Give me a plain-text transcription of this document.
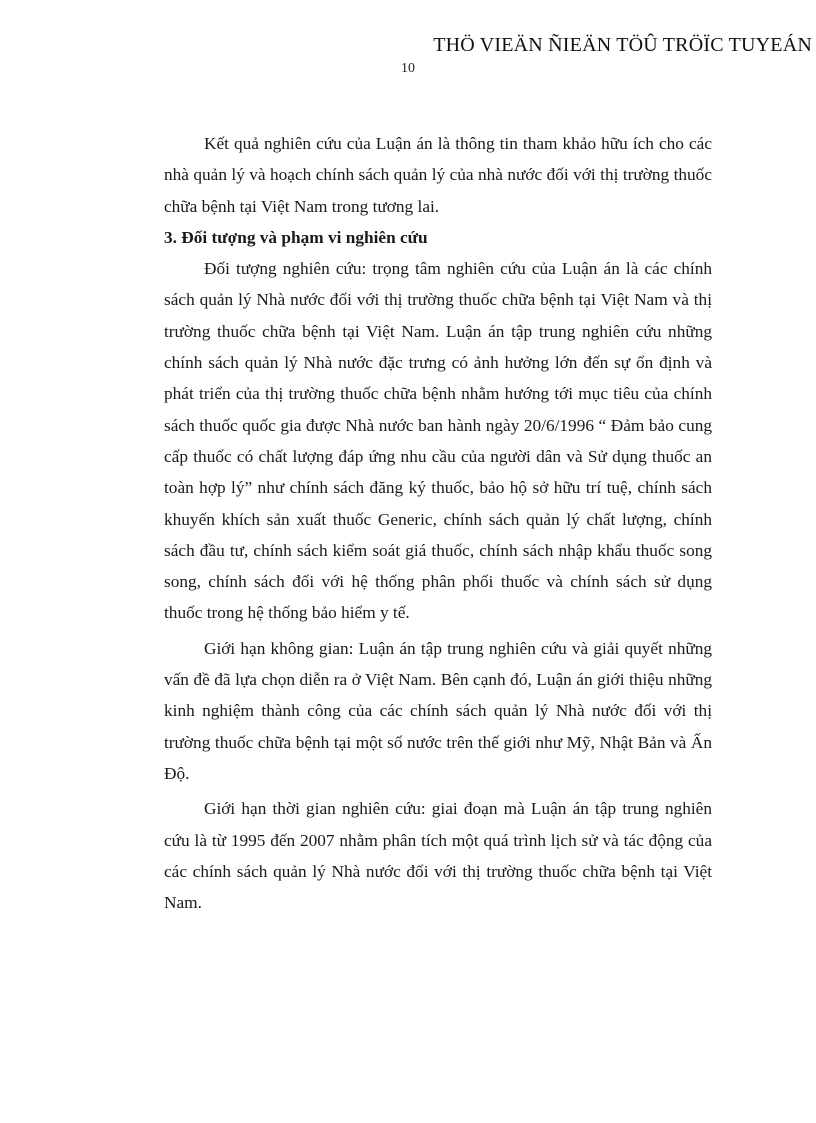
THÖ VIEÄN ÑIEÄN TÖÛ TRÖÏC TUYEÁN
10

Kết quả nghiên cứu của Luận án là thông tin tham khảo hữu ích cho các nhà quản lý và hoạch chính sách quản lý của nhà nước đối với thị trường thuốc chữa bệnh tại Việt Nam trong tương lai.

3. Đối tượng và phạm vi nghiên cứu

Đối tượng nghiên cứu: trọng tâm nghiên cứu của Luận án là các chính sách quản lý Nhà nước đối với thị trường thuốc chữa bệnh tại Việt Nam và thị trường thuốc chữa bệnh tại Việt Nam. Luận án tập trung nghiên cứu những chính sách quản lý Nhà nước đặc trưng có ảnh hưởng lớn đến sự ổn định và phát triển của thị trường thuốc chữa bệnh nhằm hướng tới mục tiêu của chính sách thuốc quốc gia được Nhà nước ban hành ngày 20/6/1996 “ Đảm bảo cung cấp thuốc có chất lượng đáp ứng nhu cầu của người dân và Sử dụng thuốc an toàn hợp lý” như chính sách đăng ký thuốc, bảo hộ sở hữu trí tuệ, chính sách khuyến khích sản xuất thuốc Generic, chính sách quản lý chất lượng, chính sách đầu tư, chính sách kiểm soát giá thuốc, chính sách nhập khẩu thuốc song song, chính sách đối với hệ thống phân phối thuốc và chính sách sử dụng thuốc trong hệ thống bảo hiểm y tế.

Giới hạn không gian: Luận án tập trung nghiên cứu và giải quyết những vấn đề đã lựa chọn diễn ra ở Việt Nam. Bên cạnh đó, Luận án giới thiệu những kinh nghiệm thành công của các chính sách quản lý Nhà nước đối với thị trường thuốc chữa bệnh tại một số nước trên thế giới như Mỹ, Nhật Bản và Ấn Độ.

Giới hạn thời gian nghiên cứu: giai đoạn mà Luận án tập trung nghiên cứu là từ 1995 đến 2007 nhằm phân tích một quá trình lịch sử và tác động của các chính sách quản lý Nhà nước đối với thị trường thuốc chữa bệnh tại Việt Nam.
